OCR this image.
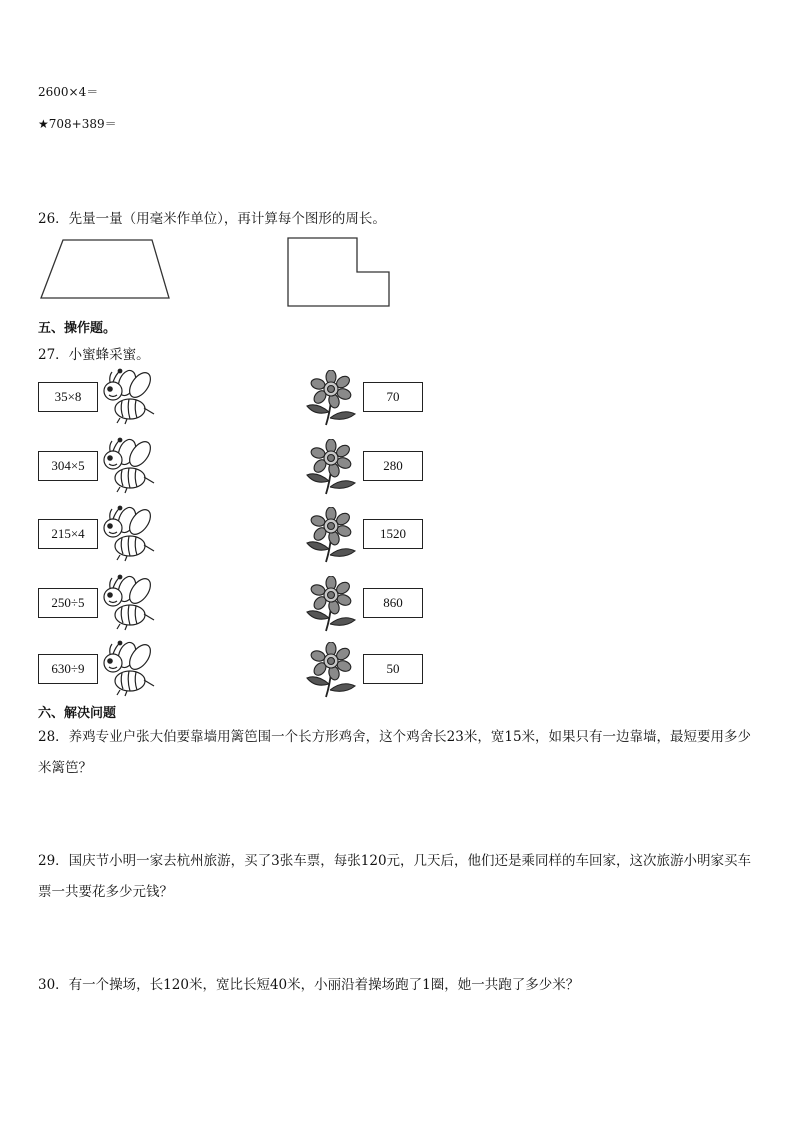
2600×4＝
★708+389＝
26．先量一量（用毫米作单位），再计算每个图形的周长。
五、操作题。
27．小蜜蜂采蜜。
35×8	70
304×5	280
215×4	1520
250÷5	860
630÷9	50
六、解决问题
28．养鸡专业户张大伯要靠墙用篱笆围一个长方形鸡舍，这个鸡舍长23米，宽15米，如果只有一边靠墙，最短要用多少米篱笆？
29．国庆节小明一家去杭州旅游，买了3张车票，每张120元，几天后，他们还是乘同样的车回家，这次旅游小明家买车票一共要花多少元钱？
30．有一个操场，长120米，宽比长短40米，小丽沿着操场跑了1圈，她一共跑了多少米？
